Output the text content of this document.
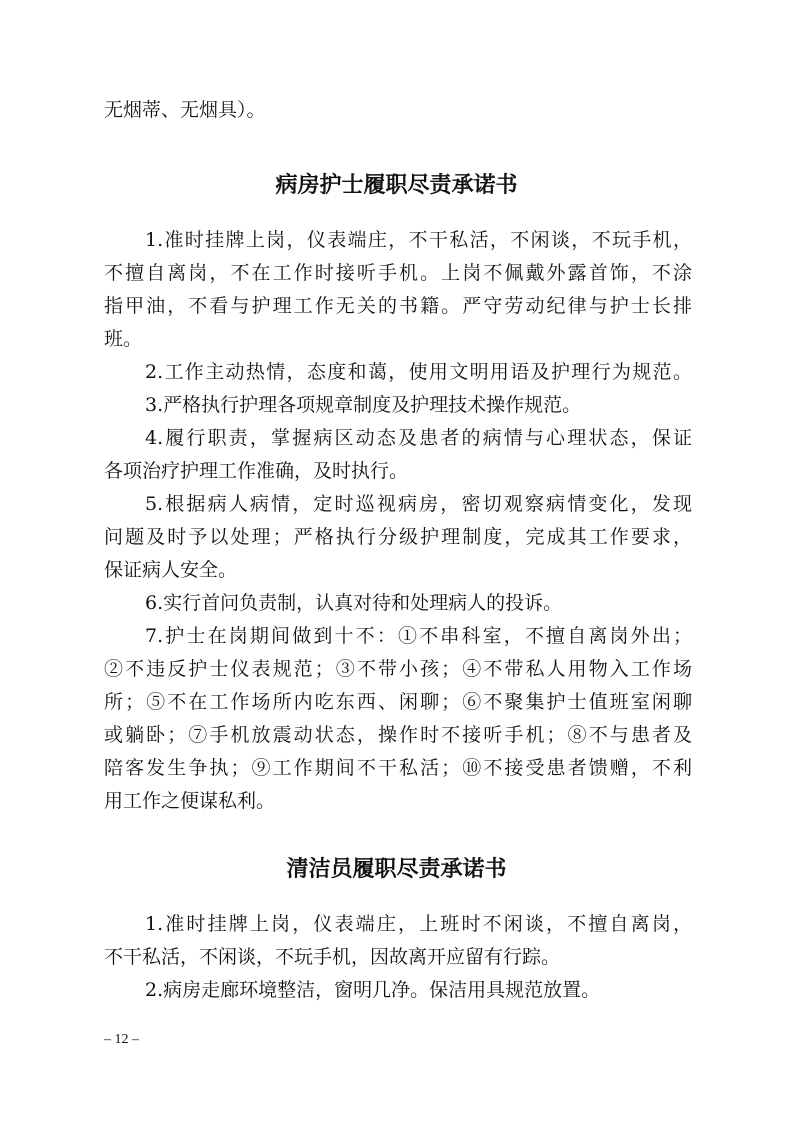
无烟蒂、无烟具）。
病房护士履职尽责承诺书
1.准时挂牌上岗，仪表端庄，不干私活，不闲谈，不玩手机，
不擅自离岗，不在工作时接听手机。上岗不佩戴外露首饰，不涂
指甲油，不看与护理工作无关的书籍。严守劳动纪律与护士长排
班。
2.工作主动热情，态度和蔼，使用文明用语及护理行为规范。
3.严格执行护理各项规章制度及护理技术操作规范。
4.履行职责，掌握病区动态及患者的病情与心理状态，保证
各项治疗护理工作准确，及时执行。
5.根据病人病情，定时巡视病房，密切观察病情变化，发现
问题及时予以处理；严格执行分级护理制度，完成其工作要求，
保证病人安全。
6.实行首问负责制，认真对待和处理病人的投诉。
7.护士在岗期间做到十不：①不串科室，不擅自离岗外出；
②不违反护士仪表规范；③不带小孩；④不带私人用物入工作场
所；⑤不在工作场所内吃东西、闲聊；⑥不聚集护士值班室闲聊
或躺卧；⑦手机放震动状态，操作时不接听手机；⑧不与患者及
陪客发生争执；⑨工作期间不干私活；⑩不接受患者馈赠，不利
用工作之便谋私利。
清洁员履职尽责承诺书
1.准时挂牌上岗，仪表端庄，上班时不闲谈，不擅自离岗，
不干私活，不闲谈，不玩手机，因故离开应留有行踪。
2.病房走廊环境整洁，窗明几净。保洁用具规范放置。
– 12 –
